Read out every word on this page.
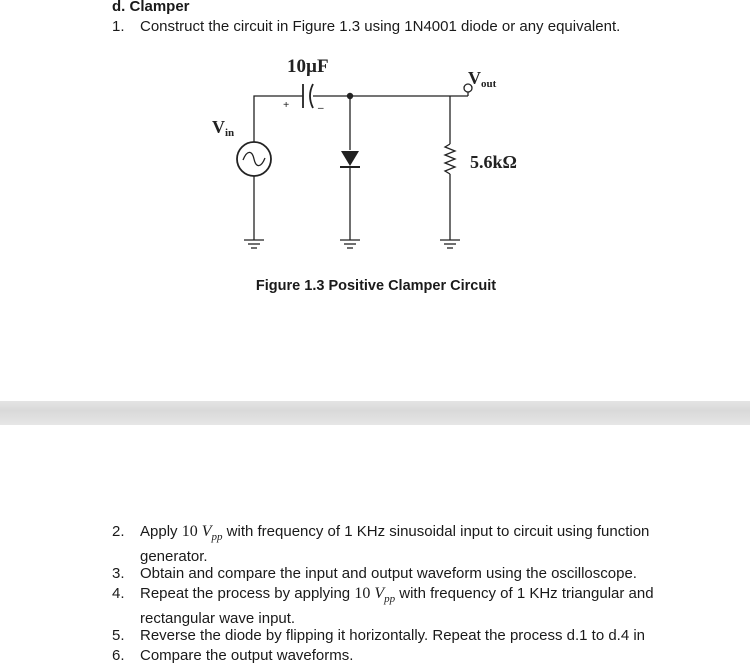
d. Clamper
1. Construct the circuit in Figure 1.3 using 1N4001 diode or any equivalent.
10µF
+	–
Vout
Vin
5.6kΩ
Figure 1.3 Positive Clamper Circuit
2. Apply 10 $V_{pp}$ with frequency of 1 KHz sinusoidal input to circuit using function generator.
3. Obtain and compare the input and output waveform using the oscilloscope.
4. Repeat the process by applying 10 $V_{pp}$ with frequency of 1 KHz triangular and rectangular wave input.
5. Reverse the diode by flipping it horizontally. Repeat the process d.1 to d.4 in
6. Compare the output waveforms.
